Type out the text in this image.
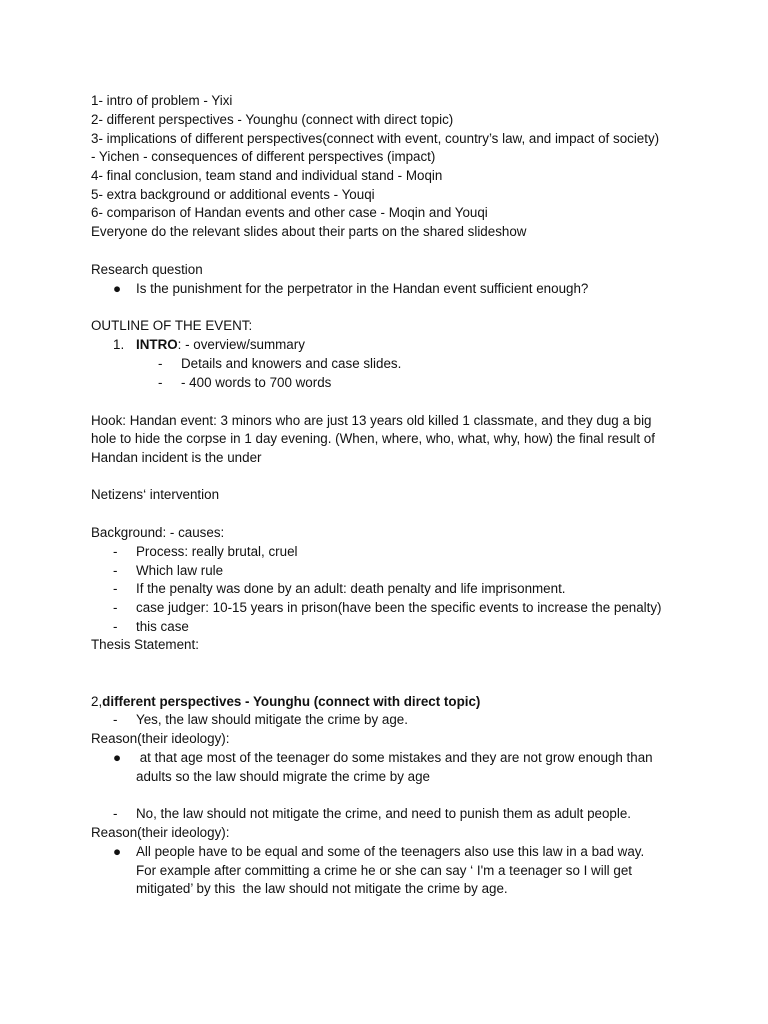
1- intro of problem - Yixi
2- different perspectives - Younghu (connect with direct topic)
3- implications of different perspectives(connect with event, country’s law, and impact of society)
- Yichen - consequences of different perspectives (impact)
4- final conclusion, team stand and individual stand - Moqin
5- extra background or additional events - Youqi
6- comparison of Handan events and other case - Moqin and Youqi
Everyone do the relevant slides about their parts on the shared slideshow
Research question
● Is the punishment for the perpetrator in the Handan event sufficient enough?
OUTLINE OF THE EVENT:
1. INTRO: - overview/summary
- Details and knowers and case slides.
- - 400 words to 700 words
Hook: Handan event: 3 minors who are just 13 years old killed 1 classmate, and they dug a big
hole to hide the corpse in 1 day evening. (When, where, who, what, why, how) the final result of
Handan incident is the under
Netizens‘ intervention
Background: - causes:
- Process: really brutal, cruel
- Which law rule
- If the penalty was done by an adult: death penalty and life imprisonment.
- case judger: 10-15 years in prison(have been the specific events to increase the penalty)
- this case
Thesis Statement:
2,different perspectives - Younghu (connect with direct topic)
- Yes, the law should mitigate the crime by age.
Reason(their ideology):
● at that age most of the teenager do some mistakes and they are not grow enough than
adults so the law should migrate the crime by age
- No, the law should not mitigate the crime, and need to punish them as adult people.
Reason(their ideology):
● All people have to be equal and some of the teenagers also use this law in a bad way.
For example after committing a crime he or she can say ‘ I'm a teenager so I will get
mitigated’ by this  the law should not mitigate the crime by age.
